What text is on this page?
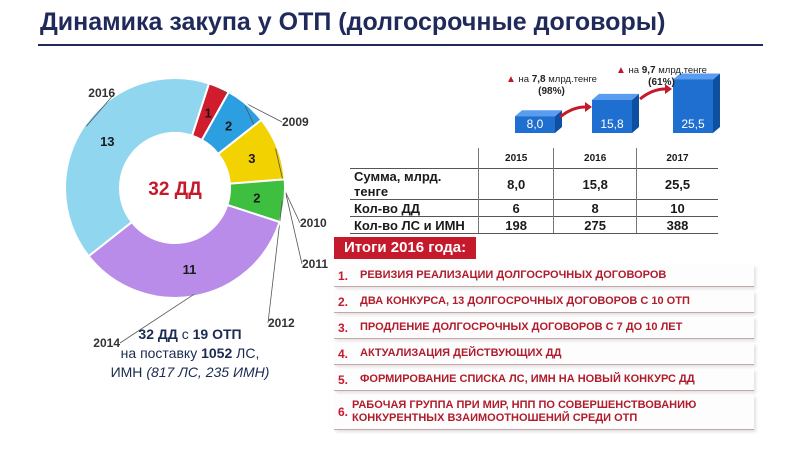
Динамика закупа у ОТП (долгосрочные договоры)
1
2009
2
2010
3
2011
2
2012
11
2014
13
2016
32 ДД
32 ДД с 19 ОТП
на поставку 1052 ЛС,
ИМН (817 ЛС, 235 ИМН)
8,0	15,8	25,5
▲ на 7,8 млрд.тенге
(98%)
▲ на 9,7 млрд.тенге
(61%)
	2015	2016	2017
Сумма, млрд. тенге	8,0	15,8	25,5
Кол-во ДД	6	8	10
Кол-во ЛС и ИМН	198	275	388
Итоги 2016 года:
1.	РЕВИЗИЯ РЕАЛИЗАЦИИ ДОЛГОСРОЧНЫХ ДОГОВОРОВ
2.	ДВА КОНКУРСА, 13 ДОЛГОСРОЧНЫХ ДОГОВОРОВ С 10 ОТП
3.	ПРОДЛЕНИЕ ДОЛГОСРОЧНЫХ ДОГОВОРОВ С 7 ДО 10 ЛЕТ
4.	АКТУАЛИЗАЦИЯ ДЕЙСТВУЮЩИХ ДД
5.	ФОРМИРОВАНИЕ СПИСКА ЛС, ИМН НА НОВЫЙ КОНКУРС ДД
6. РАБОЧАЯ ГРУППА ПРИ МИР, НПП ПО СОВЕРШЕНСТВОВАНИЮ КОНКУРЕНТНЫХ ВЗАИМООТНОШЕНИЙ СРЕДИ ОТП
